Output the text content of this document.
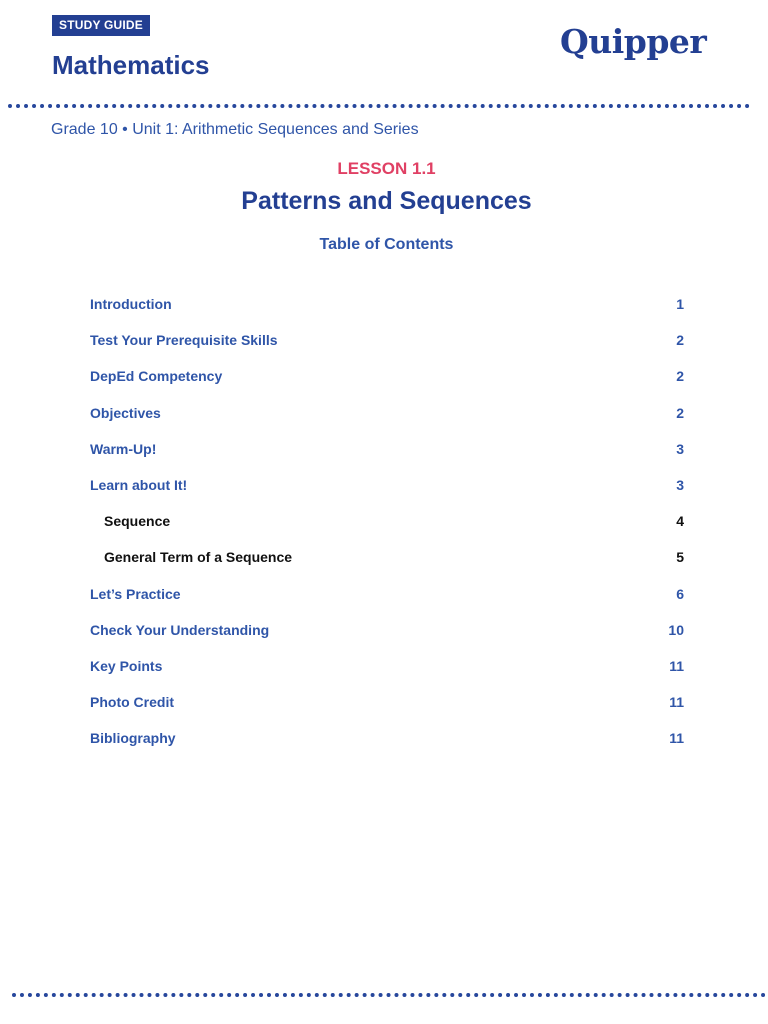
STUDY GUIDE
Mathematics
Quipper
Grade 10 • Unit 1: Arithmetic Sequences and Series
LESSON 1.1
Patterns and Sequences
Table of Contents
Introduction	1
Test Your Prerequisite Skills	2
DepEd Competency	2
Objectives	2
Warm-Up!	3
Learn about It!	3
Sequence	4
General Term of a Sequence	5
Let’s Practice	6
Check Your Understanding	10
Key Points	11
Photo Credit	11
Bibliography	11
